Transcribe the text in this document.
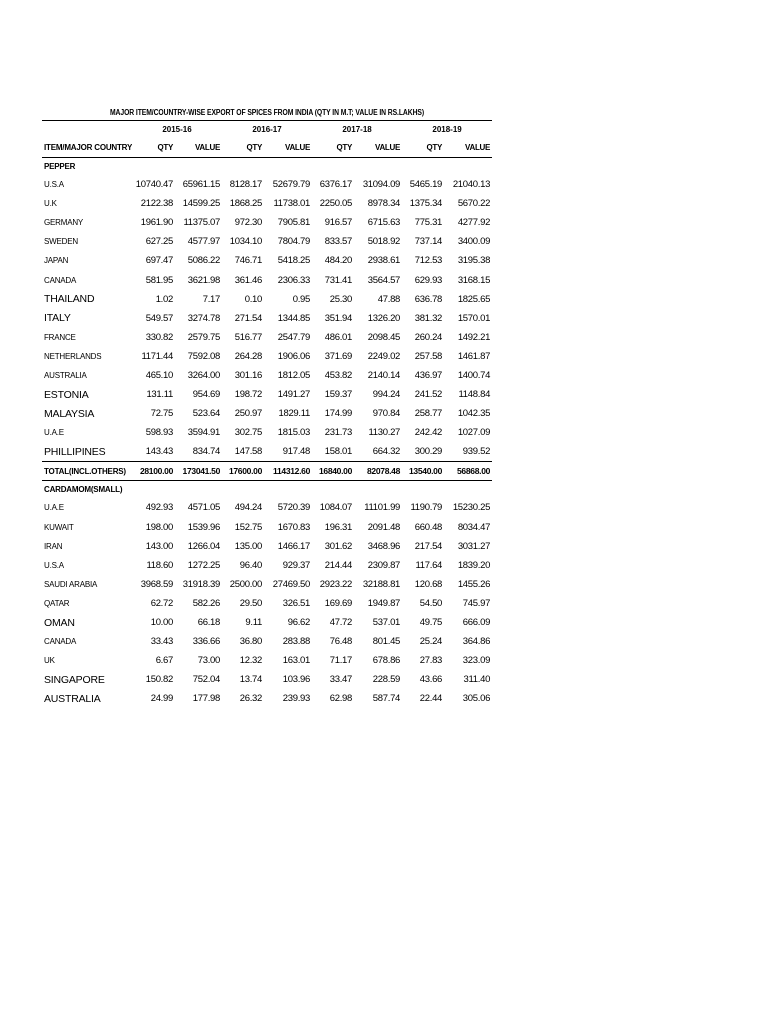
MAJOR ITEM/COUNTRY-WISE EXPORT OF SPICES FROM INDIA (QTY IN M.T; VALUE IN RS.LAKHS)
	2015-16		2016-17		2017-18		2018-19	
ITEM/MAJOR COUNTRY	QTY	VALUE	QTY	VALUE	QTY	VALUE	QTY	VALUE
PEPPER								
U.S.A	10740.47	65961.15	8128.17	52679.79	6376.17	31094.09	5465.19	21040.13
U.K	2122.38	14599.25	1868.25	11738.01	2250.05	8978.34	1375.34	5670.22
GERMANY	1961.90	11375.07	972.30	7905.81	916.57	6715.63	775.31	4277.92
SWEDEN	627.25	4577.97	1034.10	7804.79	833.57	5018.92	737.14	3400.09
JAPAN	697.47	5086.22	746.71	5418.25	484.20	2938.61	712.53	3195.38
CANADA	581.95	3621.98	361.46	2306.33	731.41	3564.57	629.93	3168.15
THAILAND	1.02	7.17	0.10	0.95	25.30	47.88	636.78	1825.65
ITALY	549.57	3274.78	271.54	1344.85	351.94	1326.20	381.32	1570.01
FRANCE	330.82	2579.75	516.77	2547.79	486.01	2098.45	260.24	1492.21
NETHERLANDS	1171.44	7592.08	264.28	1906.06	371.69	2249.02	257.58	1461.87
AUSTRALIA	465.10	3264.00	301.16	1812.05	453.82	2140.14	436.97	1400.74
ESTONIA	131.11	954.69	198.72	1491.27	159.37	994.24	241.52	1148.84
MALAYSIA	72.75	523.64	250.97	1829.11	174.99	970.84	258.77	1042.35
U.A.E	598.93	3594.91	302.75	1815.03	231.73	1130.27	242.42	1027.09
PHILLIPINES	143.43	834.74	147.58	917.48	158.01	664.32	300.29	939.52
TOTAL(INCL.OTHERS)	28100.00	173041.50	17600.00	114312.60	16840.00	82078.48	13540.00	56868.00
CARDAMOM(SMALL)								
U.A.E	492.93	4571.05	494.24	5720.39	1084.07	11101.99	1190.79	15230.25
KUWAIT	198.00	1539.96	152.75	1670.83	196.31	2091.48	660.48	8034.47
IRAN	143.00	1266.04	135.00	1466.17	301.62	3468.96	217.54	3031.27
U.S.A	118.60	1272.25	96.40	929.37	214.44	2309.87	117.64	1839.20
SAUDI ARABIA	3968.59	31918.39	2500.00	27469.50	2923.22	32188.81	120.68	1455.26
QATAR	62.72	582.26	29.50	326.51	169.69	1949.87	54.50	745.97
OMAN	10.00	66.18	9.11	96.62	47.72	537.01	49.75	666.09
CANADA	33.43	336.66	36.80	283.88	76.48	801.45	25.24	364.86
UK	6.67	73.00	12.32	163.01	71.17	678.86	27.83	323.09
SINGAPORE	150.82	752.04	13.74	103.96	33.47	228.59	43.66	311.40
AUSTRALIA	24.99	177.98	26.32	239.93	62.98	587.74	22.44	305.06
